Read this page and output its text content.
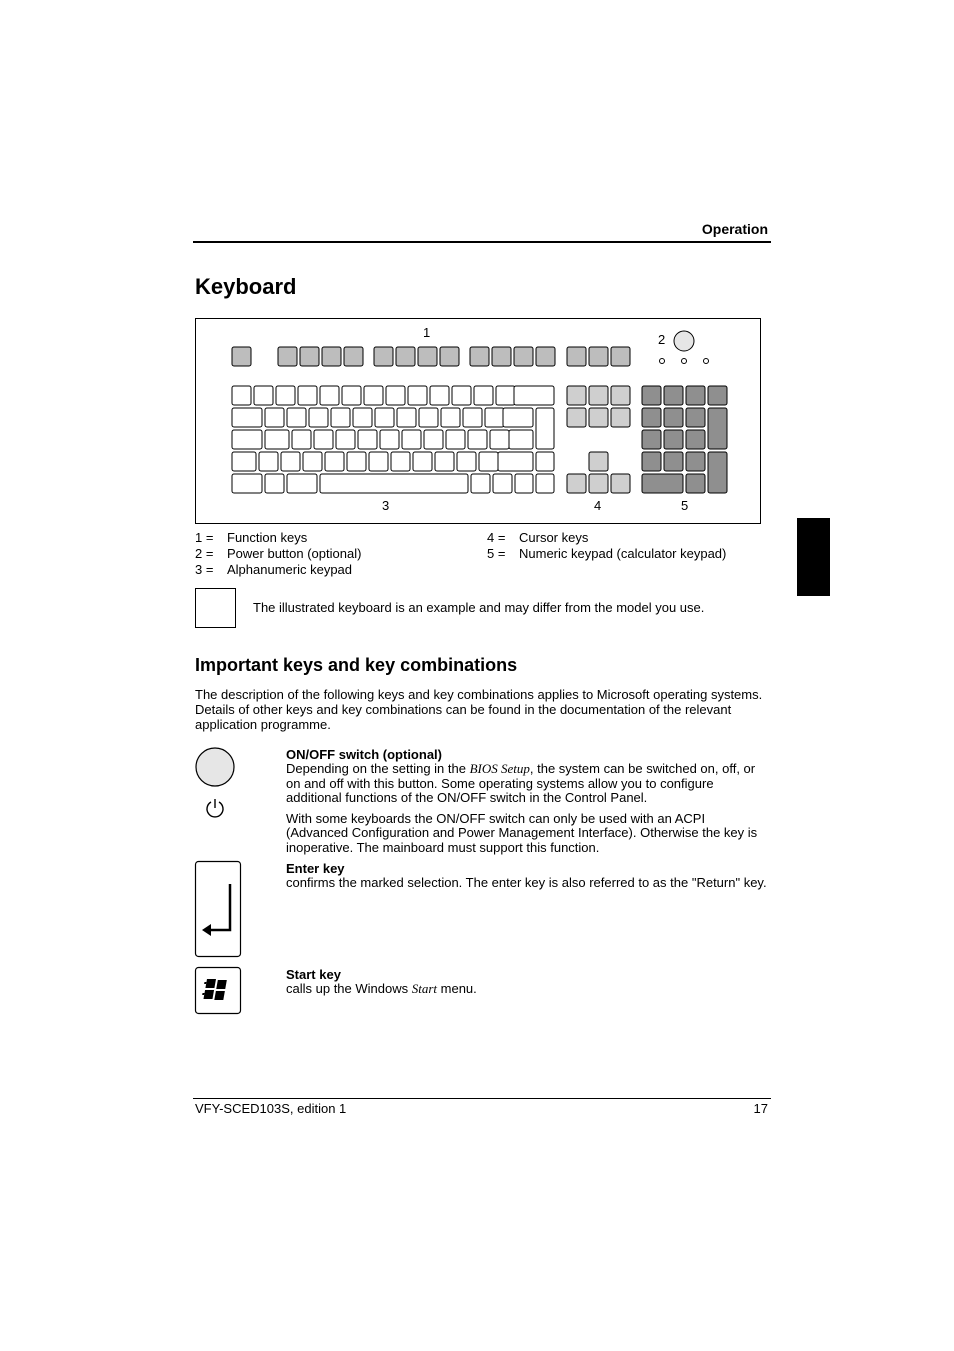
Operation
Keyboard
1	2
3	4	5
1 = Function keys
2 = Power button (optional)
3 = Alphanumeric keypad
4 = Cursor keys
5 = Numeric keypad (calculator keypad)
The illustrated keyboard is an example and may differ from the model you use.
Important keys and key combinations
The description of the following keys and key combinations applies to Microsoft operating systems. Details of other keys and key combinations can be found in the documentation of the relevant application programme.
ON/OFF switch (optional)
Depending on the setting in the BIOS Setup, the system can be switched on, off, or on and off with this button. Some operating systems allow you to configure additional functions of the ON/OFF switch in the Control Panel.
With some keyboards the ON/OFF switch can only be used with an ACPI (Advanced Configuration and Power Management Interface). Otherwise the key is inoperative. The mainboard must support this function.
Enter key
confirms the marked selection. The enter key is also referred to as the "Return" key.
Start key
calls up the Windows Start menu.
VFY-SCED103S, edition 1	17
